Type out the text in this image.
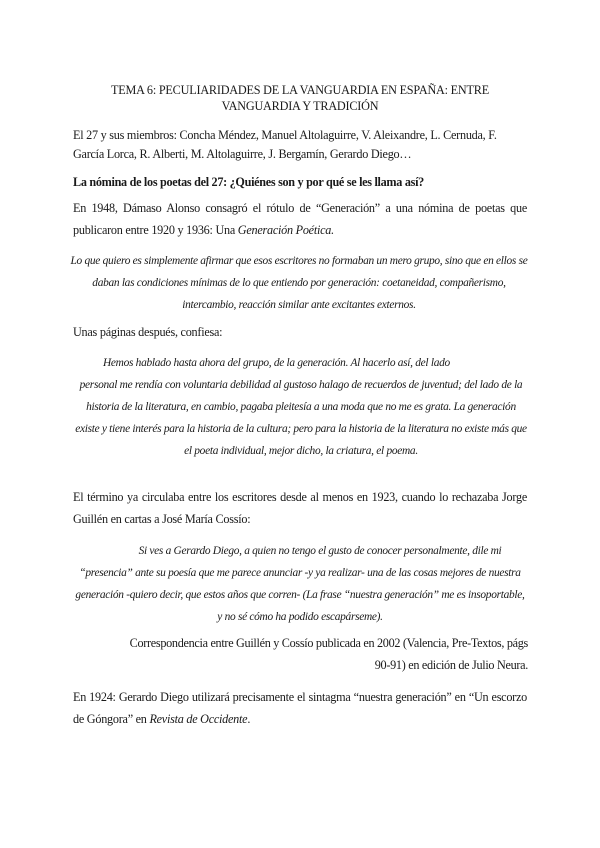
TEMA 6: PECULIARIDADES DE LA VANGUARDIA EN ESPAÑA: ENTRE VANGUARDIA Y TRADICIÓN
El 27 y sus miembros: Concha Méndez, Manuel Altolaguirre, V. Aleixandre, L. Cernuda, F. García Lorca, R. Alberti, M. Altolaguirre, J. Bergamín, Gerardo Diego…
La nómina de los poetas del 27: ¿Quiénes son y por qué se les llama así?
En 1948, Dámaso Alonso consagró el rótulo de “Generación” a una nómina de poetas que publicaron entre 1920 y 1936: Una Generación Poética.
Lo que quiero es simplemente afirmar que esos escritores no formaban un mero grupo, sino que en ellos se daban las condiciones mínimas de lo que entiendo por generación: coetaneidad, compañerismo, intercambio, reacción similar ante excitantes externos.
Unas páginas después, confiesa:
Hemos hablado hasta ahora del grupo, de la generación. Al hacerlo así, del lado
personal me rendía con voluntaria debilidad al gustoso halago de recuerdos de juventud; del lado de la historia de la literatura, en cambio, pagaba pleitesía a una moda que no me es grata. La generación existe y tiene interés para la historia de la cultura; pero para la historia de la literatura no existe más que el poeta individual, mejor dicho, la criatura, el poema.
El término ya circulaba entre los escritores desde al menos en 1923, cuando lo rechazaba Jorge Guillén en cartas a José María Cossío:
Si ves a Gerardo Diego, a quien no tengo el gusto de conocer personalmente, dile mi “presencia” ante su poesía que me parece anunciar -y ya realizar- una de las cosas mejores de nuestra generación -quiero decir, que estos años que corren- (La frase “nuestra generación” me es insoportable, y no sé cómo ha podido escapárseme).
Correspondencia entre Guillén y Cossío publicada en 2002 (Valencia, Pre-Textos, págs 90-91) en edición de Julio Neura.
En 1924: Gerardo Diego utilizará precisamente el sintagma “nuestra generación” en “Un escorzo de Góngora” en Revista de Occidente.
